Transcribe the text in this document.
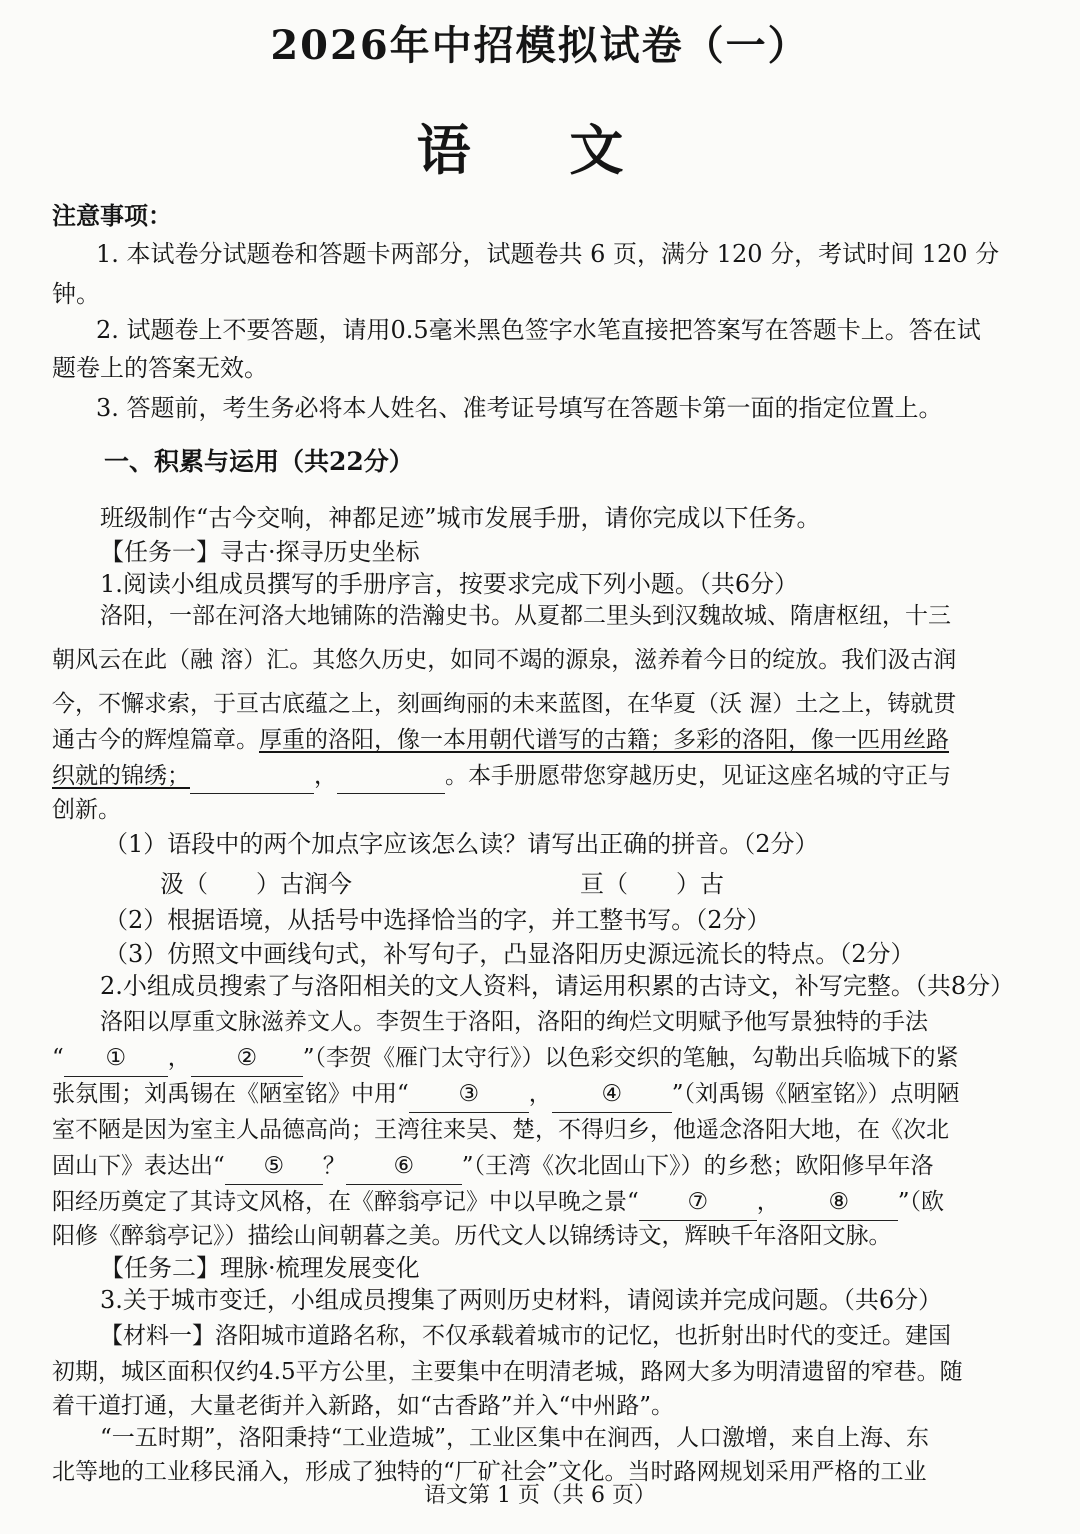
2026年中招模拟试卷（一）
语 文
注意事项：
1. 本试卷分试题卷和答题卡两部分，试题卷共 6 页，满分 120 分，考试时间 120 分
钟。
2. 试题卷上不要答题，请用0.5毫米黑色签字水笔直接把答案写在答题卡上。答在试
题卷上的答案无效。
3. 答题前，考生务必将本人姓名、准考证号填写在答题卡第一面的指定位置上。
一、积累与运用（共22分）
班级制作“古今交响，神都足迹”城市发展手册，请你完成以下任务。
【任务一】寻古·探寻历史坐标
1.阅读小组成员撰写的手册序言，按要求完成下列小题。（共6分）
洛阳，一部在河洛大地铺陈的浩瀚史书。从夏都二里头到汉魏故城、隋唐枢纽，十三
朝风云在此（融 溶）汇。其悠久历史，如同不竭的源泉，滋养着今日的绽放。我们汲古润
今，不懈求索，于亘古底蕴之上，刻画绚丽的未来蓝图，在华夏（沃 渥）土之上，铸就贯
通古今的辉煌篇章。厚重的洛阳，像一本用朝代谱写的古籍；多彩的洛阳，像一匹用丝路
织就的锦绣；	，	。本手册愿带您穿越历史，见证这座名城的守正与
创新。
（1）语段中的两个加点字应该怎么读？请写出正确的拼音。（2分）
汲（　　）古润今	亘（　　）古
（2）根据语境，从括号中选择恰当的字，并工整书写。（2分）
（3）仿照文中画线句式，补写句子，凸显洛阳历史源远流长的特点。（2分）
2.小组成员搜索了与洛阳相关的文人资料，请运用积累的古诗文，补写完整。（共8分）
洛阳以厚重文脉滋养文人。李贺生于洛阳，洛阳的绚烂文明赋予他写景独特的手法
“ ① ， ② ”（李贺《雁门太守行》）以色彩交织的笔触，勾勒出兵临城下的紧
张氛围；刘禹锡在《陋室铭》中用“ ③ ， ④ ”（刘禹锡《陋室铭》）点明陋
室不陋是因为室主人品德高尚；王湾往来吴、楚，不得归乡，他遥念洛阳大地，在《次北
固山下》表达出“ ⑤ ？ ⑥ ”（王湾《次北固山下》）的乡愁；欧阳修早年洛
阳经历奠定了其诗文风格，在《醉翁亭记》中以早晚之景“ ⑦ ， ⑧ ”（欧
阳修《醉翁亭记》）描绘山间朝暮之美。历代文人以锦绣诗文，辉映千年洛阳文脉。
【任务二】理脉·梳理发展变化
3.关于城市变迁，小组成员搜集了两则历史材料，请阅读并完成问题。（共6分）
【材料一】洛阳城市道路名称，不仅承载着城市的记忆，也折射出时代的变迁。建国
初期，城区面积仅约4.5平方公里，主要集中在明清老城，路网大多为明清遗留的窄巷。随
着干道打通，大量老街并入新路，如“古香路”并入“中州路”。
“一五时期”，洛阳秉持“工业造城”，工业区集中在涧西，人口激增，来自上海、东
北等地的工业移民涌入，形成了独特的“厂矿社会”文化。当时路网规划采用严格的工业
语文第 1 页（共 6 页）
